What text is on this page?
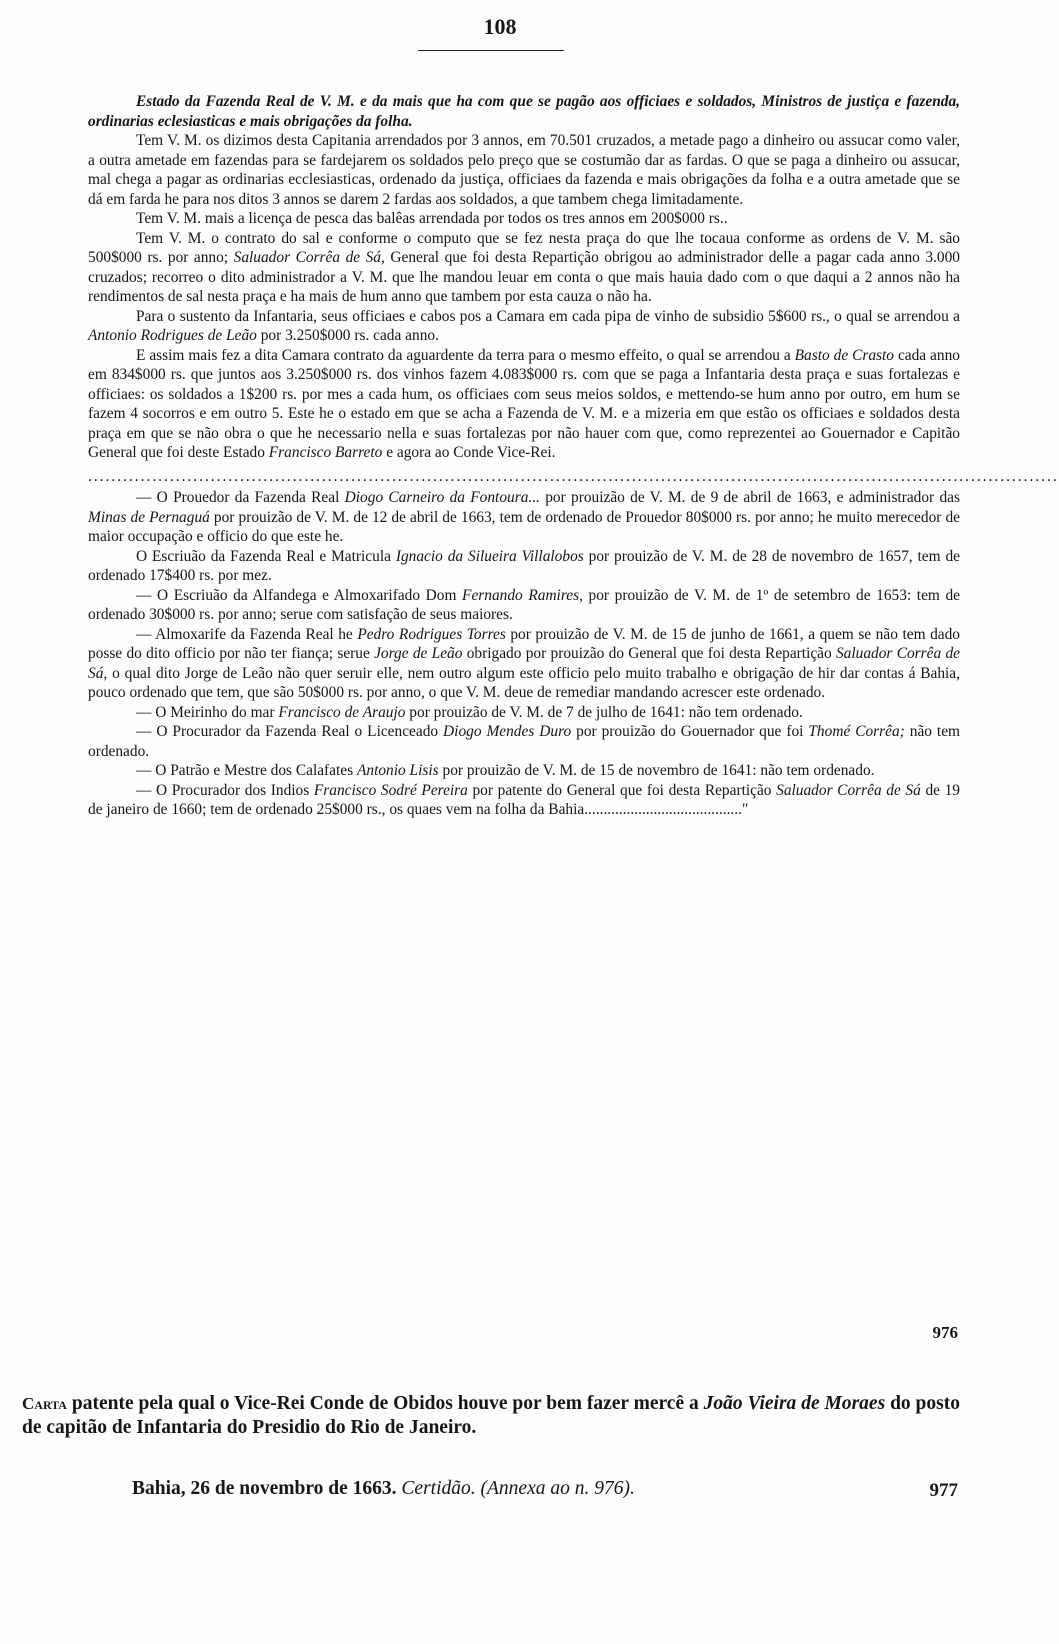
108

Estado da Fazenda Real de V. M. e da mais que ha com que se pagão aos officiaes e soldados, Ministros de justiça e fazenda, ordinarias eclesiasticas e mais obrigações da folha.

Tem V. M. os dizimos desta Capitania arrendados por 3 annos, em 70.501 cruzados, a metade pago a dinheiro ou assucar como valer, a outra ametade em fazendas para se fardejarem os soldados pelo preço que se costumão dar as fardas. O que se paga a dinheiro ou assucar, mal chega a pagar as ordinarias ecclesiasticas, ordenado da justiça, officiaes da fazenda e mais obrigações da folha e a outra ametade que se dá em farda he para nos ditos 3 annos se darem 2 fardas aos soldados, a que tambem chega limitadamente.

Tem V. M. mais a licença de pesca das balêas arrendada por todos os tres annos em 200$000 rs..

Tem V. M. o contrato do sal e conforme o computo que se fez nesta praça do que lhe tocaua conforme as ordens de V. M. são 500$000 rs. por anno; Saluador Corrêa de Sá, General que foi desta Repartição obrigou ao administrador delle a pagar cada anno 3.000 cruzados; recorreo o dito administrador a V. M. que lhe mandou leuar em conta o que mais hauia dado com o que daqui a 2 annos não ha rendimentos de sal nesta praça e ha mais de hum anno que tambem por esta cauza o não ha.

Para o sustento da Infantaria, seus officiaes e cabos pos a Camara em cada pipa de vinho de subsidio 5$600 rs., o qual se arrendou a Antonio Rodrigues de Leão por 3.250$000 rs. cada anno.

E assim mais fez a dita Camara contrato da aguardente da terra para o mesmo effeito, o qual se arrendou a Basto de Crasto cada anno em 834$000 rs. que juntos aos 3.250$000 rs. dos vinhos fazem 4.083$000 rs. com que se paga a Infantaria desta praça e suas fortalezas e officiaes: os soldados a 1$200 rs. por mes a cada hum, os officiaes com seus meios soldos, e mettendo-se hum anno por outro, em hum se fazem 4 socorros e em outro 5. Este he o estado em que se acha a Fazenda de V. M. e a mizeria em que estão os officiaes e soldados desta praça em que se não obra o que he necessario nella e suas fortalezas por não hauer com que, como reprezentei ao Gouernador e Capitão General que foi deste Estado Francisco Barreto e agora ao Conde Vice-Rei.

......................................................................................................................................................................

— O Prouedor da Fazenda Real Diogo Carneiro da Fontoura... por prouizão de V. M. de 9 de abril de 1663, e administrador das Minas de Pernaguá por prouizão de V. M. de 12 de abril de 1663, tem de ordenado de Prouedor 80$000 rs. por anno; he muito merecedor de maior occupação e officio do que este he.

O Escriuão da Fazenda Real e Matricula Ignacio da Silueira Villalobos por prouizão de V. M. de 28 de novembro de 1657, tem de ordenado 17$400 rs. por mez.

— O Escriuão da Alfandega e Almoxarifado Dom Fernando Ramires, por prouizão de V. M. de 1º de setembro de 1653: tem de ordenado 30$000 rs. por anno; serue com satisfação de seus maiores.

— Almoxarife da Fazenda Real he Pedro Rodrigues Torres por prouizão de V. M. de 15 de junho de 1661, a quem se não tem dado posse do dito officio por não ter fiança; serue Jorge de Leão obrigado por prouizão do General que foi desta Repartição Saluador Corrêa de Sá, o qual dito Jorge de Leão não quer seruir elle, nem outro algum este officio pelo muito trabalho e obrigação de hir dar contas á Bahia, pouco ordenado que tem, que são 50$000 rs. por anno, o que V. M. deue de remediar mandando acrescer este ordenado.

— O Meirinho do mar Francisco de Araujo por prouizão de V. M. de 7 de julho de 1641: não tem ordenado.

— O Procurador da Fazenda Real o Licenceado Diogo Mendes Duro por prouizão do Gouernador que foi Thomé Corrêa; não tem ordenado.

— O Patrão e Mestre dos Calafates Antonio Lisis por prouizão de V. M. de 15 de novembro de 1641: não tem ordenado.

— O Procurador dos Indios Francisco Sodré Pereira por patente do General que foi desta Repartição Saluador Corrêa de Sá de 19 de janeiro de 1660; tem de ordenado 25$000 rs., os quaes vem na folha da Bahia........................................."

976
Carta patente pela qual o Vice-Rei Conde de Obidos houve por bem fazer mercê a João Vieira de Moraes do posto de capitão de Infantaria do Presidio do Rio de Janeiro.
Bahia, 26 de novembro de 1663. Certidão. (Annexa ao n. 976).	977
